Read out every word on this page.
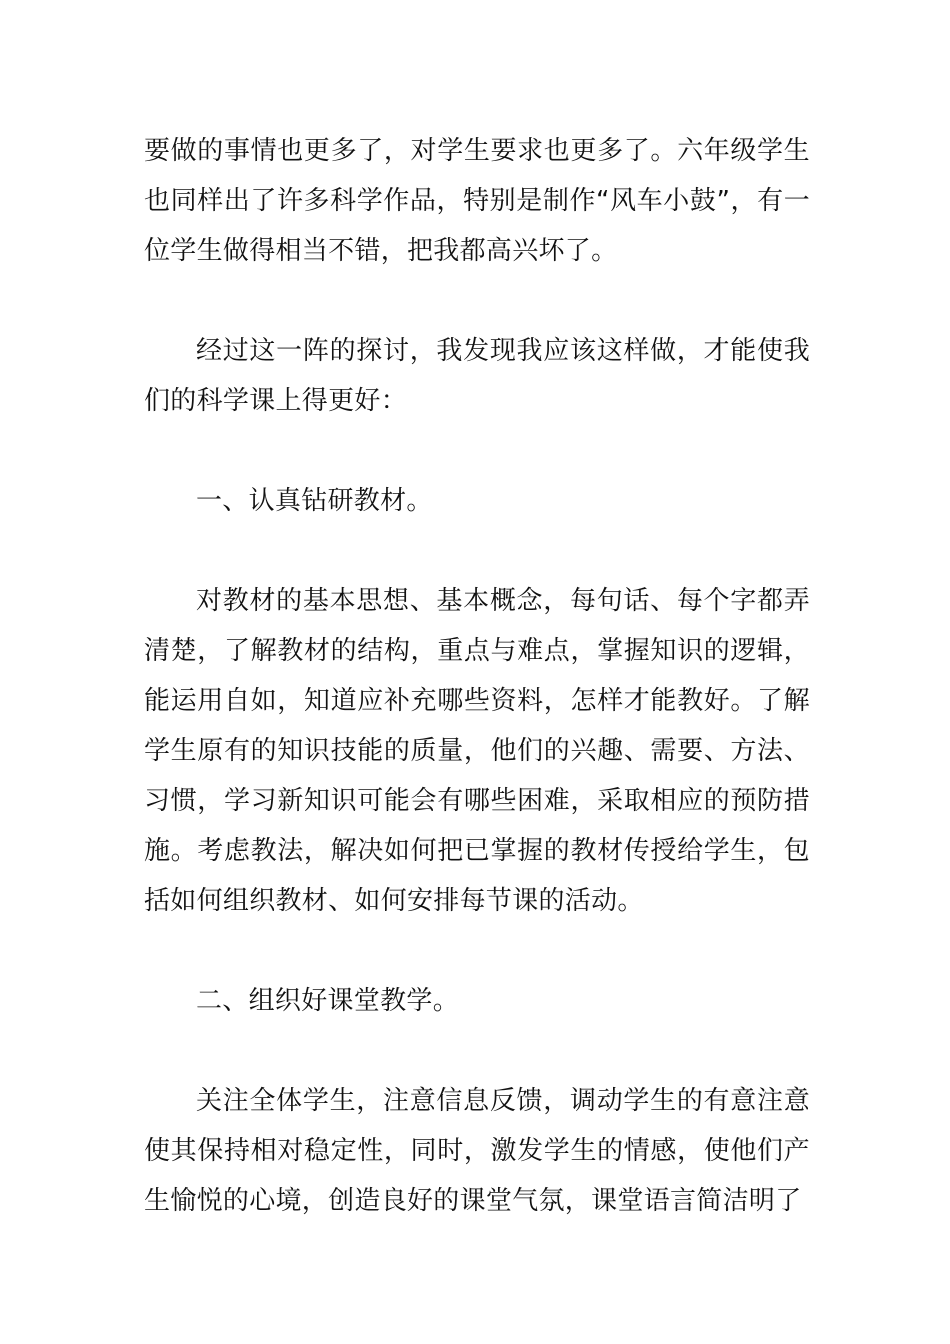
要做的事情也更多了，对学生要求也更多了。六年级学生也同样出了许多科学作品，特别是制作“风车小鼓”，有一位学生做得相当不错，把我都高兴坏了。

经过这一阵的探讨，我发现我应该这样做，才能使我们的科学课上得更好：

一、认真钻研教材。

对教材的基本思想、基本概念，每句话、每个字都弄清楚，了解教材的结构，重点与难点，掌握知识的逻辑，能运用自如，知道应补充哪些资料，怎样才能教好。了解学生原有的知识技能的质量，他们的兴趣、需要、方法、习惯，学习新知识可能会有哪些困难，采取相应的预防措施。考虑教法，解决如何把已掌握的教材传授给学生，包括如何组织教材、如何安排每节课的活动。

二、组织好课堂教学。

关注全体学生，注意信息反馈，调动学生的有意注意使其保持相对稳定性，同时，激发学生的情感，使他们产生愉悦的心境，创造良好的课堂气氛，课堂语言简洁明了
